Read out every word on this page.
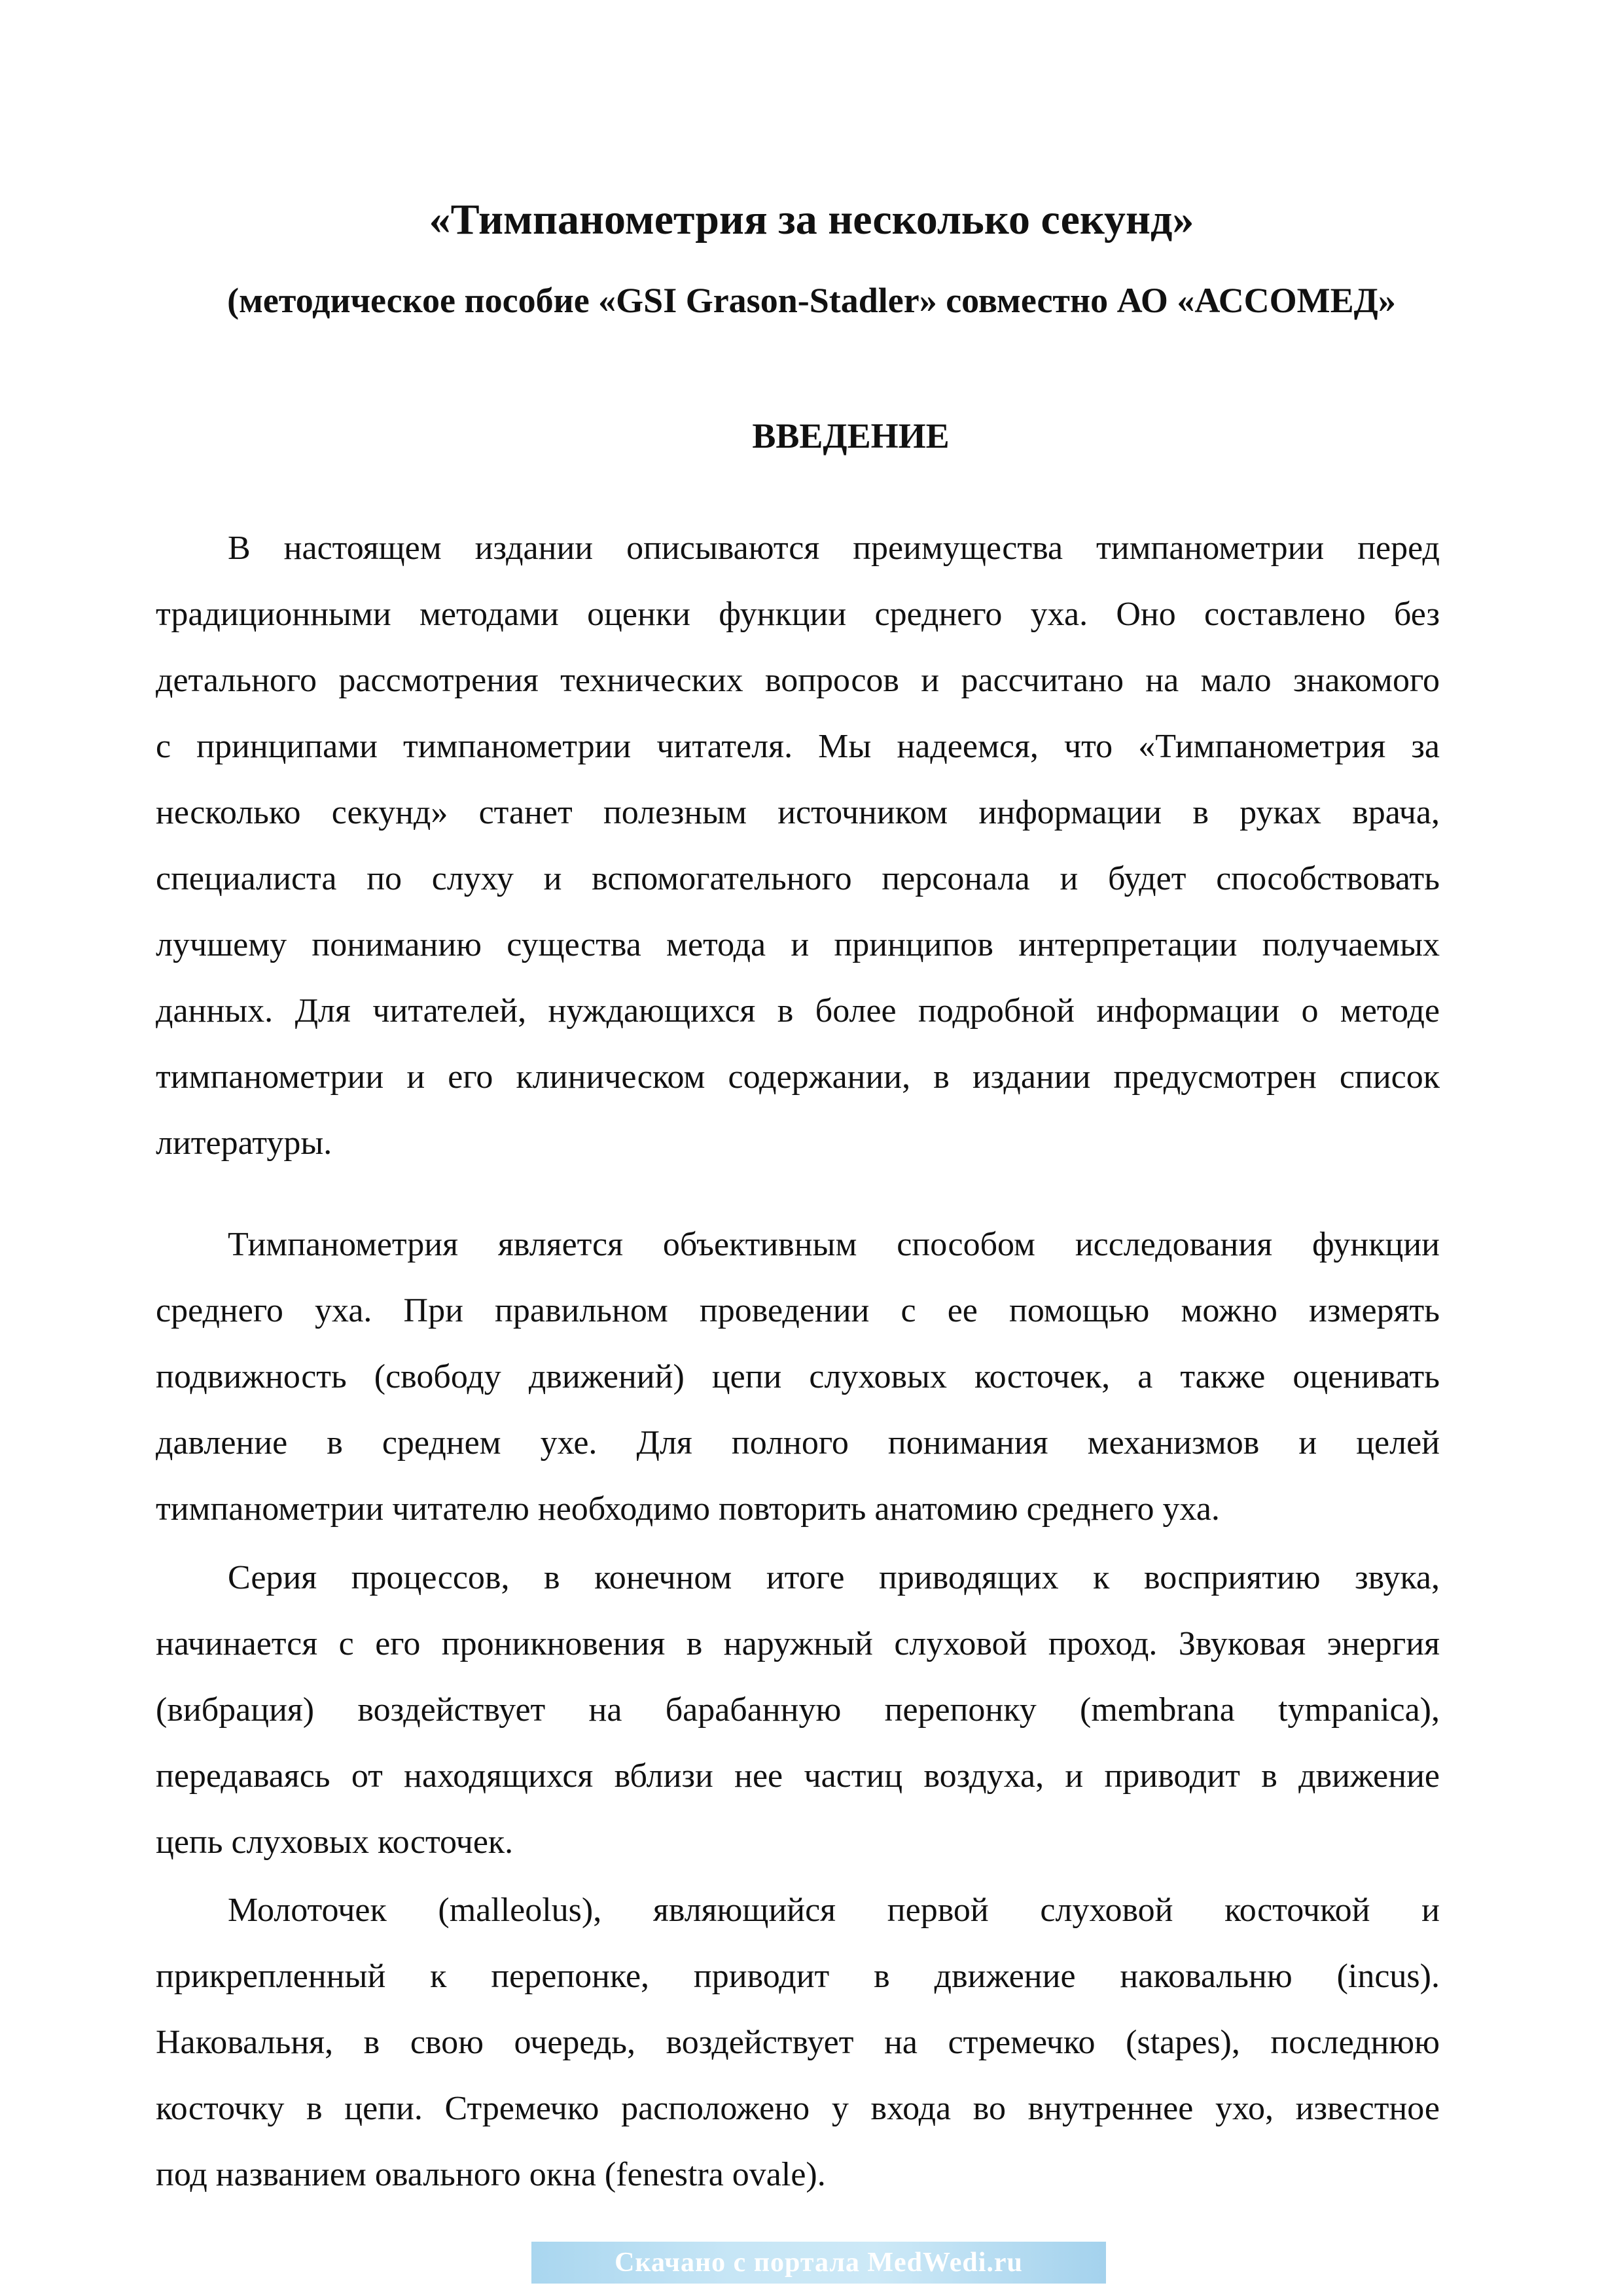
«Тимпанометрия за несколько секунд»
(методическое пособие «GSI Grason-Stadler» совместно АО «АССОМЕД»
ВВЕДЕНИЕ
В настоящем издании описываются преимущества тимпанометрии перед
традиционными методами оценки функции среднего уха. Оно составлено без
детального рассмотрения технических вопросов и рассчитано на мало знакомого
с принципами тимпанометрии читателя. Мы надеемся, что «Тимпанометрия за
несколько секунд» станет полезным источником информации в руках врача,
специалиста по слуху и вспомогательного персонала и будет способствовать
лучшему пониманию существа метода и принципов интерпретации получаемых
данных. Для читателей, нуждающихся в более подробной информации о методе
тимпанометрии и его клиническом содержании, в издании предусмотрен список
литературы.
Тимпанометрия является объективным способом исследования функции
среднего уха. При правильном проведении с ее помощью можно измерять
подвижность (свободу движений) цепи слуховых косточек, а также оценивать
давление в среднем ухе. Для полного понимания механизмов и целей
тимпанометрии читателю необходимо повторить анатомию среднего уха.
Серия процессов, в конечном итоге приводящих к восприятию звука,
начинается с его проникновения в наружный слуховой проход. Звуковая энергия
(вибрация) воздействует на барабанную перепонку (membrana tympanica),
передаваясь от находящихся вблизи нее частиц воздуха, и приводит в движение
цепь слуховых косточек.
Молоточек (malleolus), являющийся первой слуховой косточкой и
прикрепленный к перепонке, приводит в движение наковальню (incus).
Наковальня, в свою очередь, воздействует на стремечко (stapes), последнюю
косточку в цепи. Стремечко расположено у входа во внутреннее ухо, известное
под названием овального окна (fenestra ovale).
Скачано с портала MedWedi.ru
